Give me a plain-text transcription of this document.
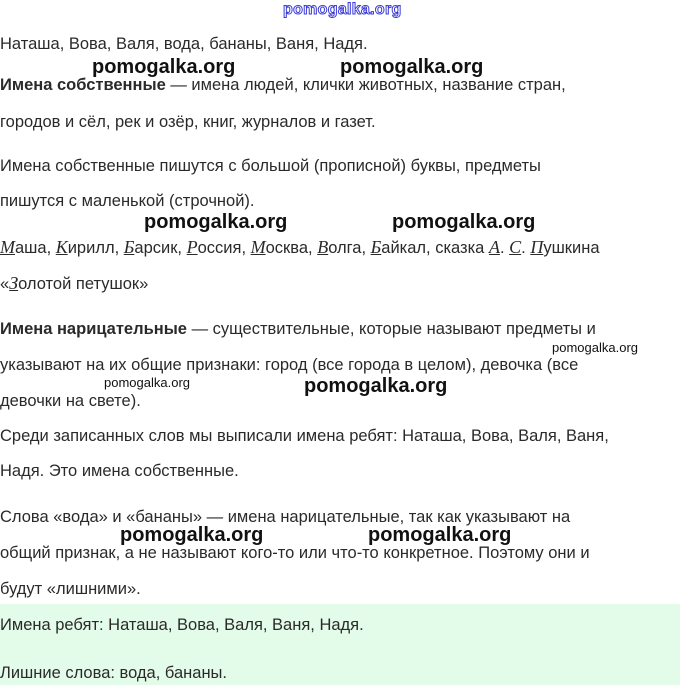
pomogalka.org
Наташа, Вова, Валя, вода, бананы, Ваня, Надя.
Имена собственные — имена людей, клички животных, название стран,
городов и сёл, рек и озёр, книг, журналов и газет.
Имена собственные пишутся с большой (прописной) буквы, предметы
пишутся с маленькой (строчной).
Маша, Кирилл, Барсик, Россия, Москва, Волга, Байкал, сказка А. С. Пушкина
«Золотой петушок»
Имена нарицательные — существительные, которые называют предметы и
указывают на их общие признаки: город (все города в целом), девочка (все
девочки на свете).
Среди записанных слов мы выписали имена ребят: Наташа, Вова, Валя, Ваня,
Надя. Это имена собственные.
Слова «вода» и «бананы» — имена нарицательные, так как указывают на
общий признак, а не называют кого-то или что-то конкретное. Поэтому они и
будут «лишними».
Имена ребят: Наташа, Вова, Валя, Ваня, Надя.
Лишние слова: вода, бананы.
pomogalka.org	pomogalka.org
pomogalka.org	pomogalka.org
pomogalka.org
pomogalka.org	pomogalka.org
pomogalka.org	pomogalka.org
